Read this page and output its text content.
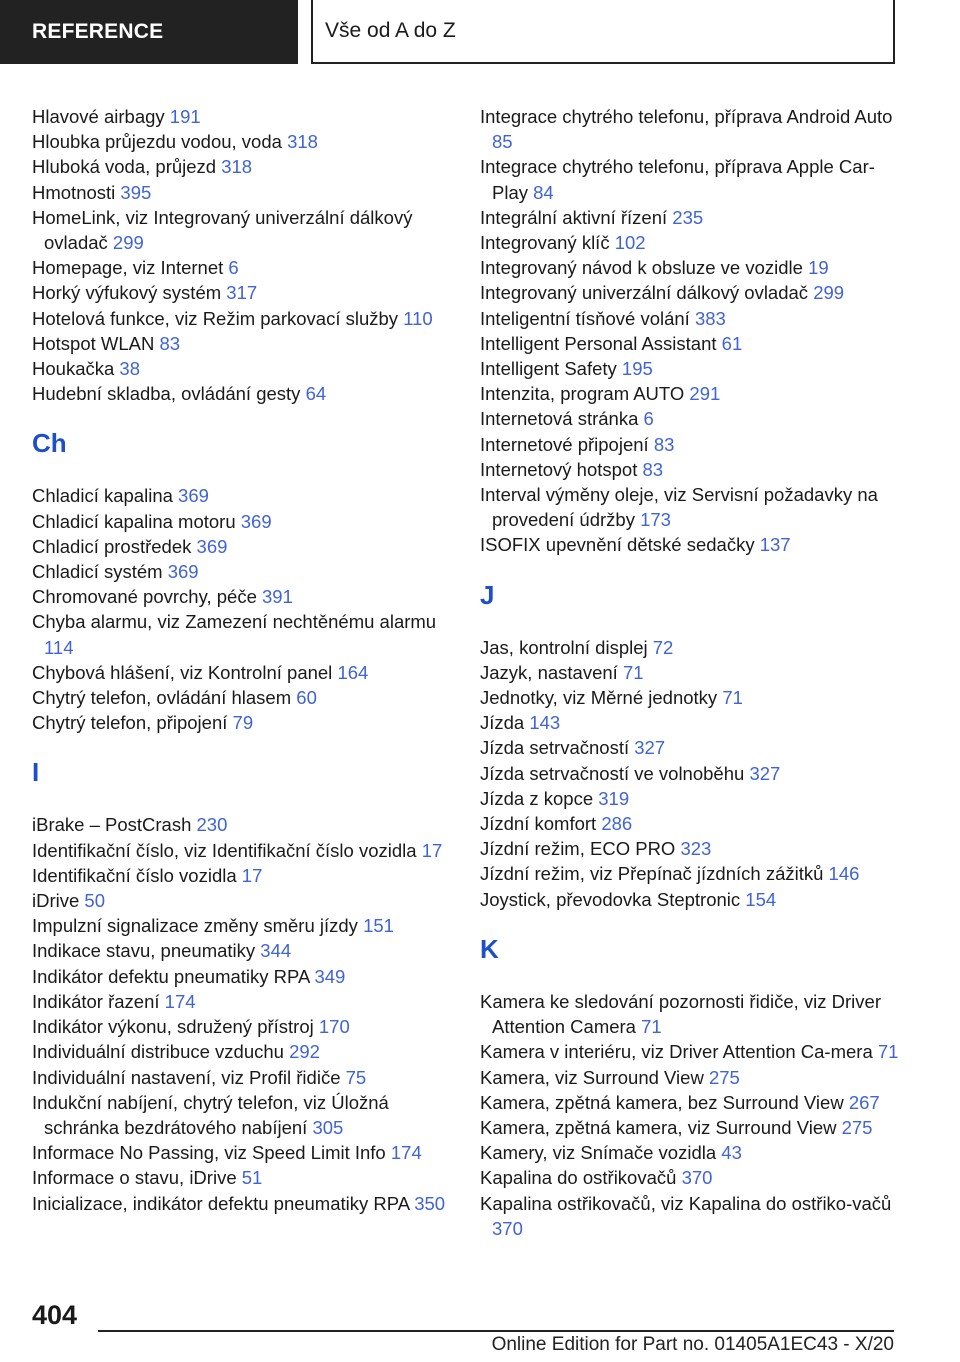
REFERENCE	Vše od A do Z
Hlavové airbagy 191
Hloubka průjezdu vodou, voda 318
Hluboká voda, průjezd 318
Hmotnosti 395
HomeLink, viz Integrovaný univerzální dálkový ovladač 299
Homepage, viz Internet 6
Horký výfukový systém 317
Hotelová funkce, viz Režim parkovací služby 110
Hotspot WLAN 83
Houkačka 38
Hudební skladba, ovládání gesty 64
Ch
Chladicí kapalina 369
Chladicí kapalina motoru 369
Chladicí prostředek 369
Chladicí systém 369
Chromované povrchy, péče 391
Chyba alarmu, viz Zamezení nechtěnému alarmu 114
Chybová hlášení, viz Kontrolní panel 164
Chytrý telefon, ovládání hlasem 60
Chytrý telefon, připojení 79
I
iBrake – PostCrash 230
Identifikační číslo, viz Identifikační číslo vozidla 17
Identifikační číslo vozidla 17
iDrive 50
Impulzní signalizace změny směru jízdy 151
Indikace stavu, pneumatiky 344
Indikátor defektu pneumatiky RPA 349
Indikátor řazení 174
Indikátor výkonu, sdružený přístroj 170
Individuální distribuce vzduchu 292
Individuální nastavení, viz Profil řidiče 75
Indukční nabíjení, chytrý telefon, viz Úložná schránka bezdrátového nabíjení 305
Informace No Passing, viz Speed Limit Info 174
Informace o stavu, iDrive 51
Inicializace, indikátor defektu pneumatiky RPA 350
Integrace chytrého telefonu, příprava Android Auto 85
Integrace chytrého telefonu, příprava Apple Car-Play 84
Integrální aktivní řízení 235
Integrovaný klíč 102
Integrovaný návod k obsluze ve vozidle 19
Integrovaný univerzální dálkový ovladač 299
Inteligentní tísňové volání 383
Intelligent Personal Assistant 61
Intelligent Safety 195
Intenzita, program AUTO 291
Internetová stránka 6
Internetové připojení 83
Internetový hotspot 83
Interval výměny oleje, viz Servisní požadavky na provedení údržby 173
ISOFIX upevnění dětské sedačky 137
J
Jas, kontrolní displej 72
Jazyk, nastavení 71
Jednotky, viz Měrné jednotky 71
Jízda 143
Jízda setrvačností 327
Jízda setrvačností ve volnoběhu 327
Jízda z kopce 319
Jízdní komfort 286
Jízdní režim, ECO PRO 323
Jízdní režim, viz Přepínač jízdních zážitků 146
Joystick, převodovka Steptronic 154
K
Kamera ke sledování pozornosti řidiče, viz Driver Attention Camera 71
Kamera v interiéru, viz Driver Attention Ca-mera 71
Kamera, viz Surround View 275
Kamera, zpětná kamera, bez Surround View 267
Kamera, zpětná kamera, viz Surround View 275
Kamery, viz Snímače vozidla 43
Kapalina do ostřikovačů 370
Kapalina ostřikovačů, viz Kapalina do ostřiko-vačů 370
404
Online Edition for Part no. 01405A1EC43 - X/20
